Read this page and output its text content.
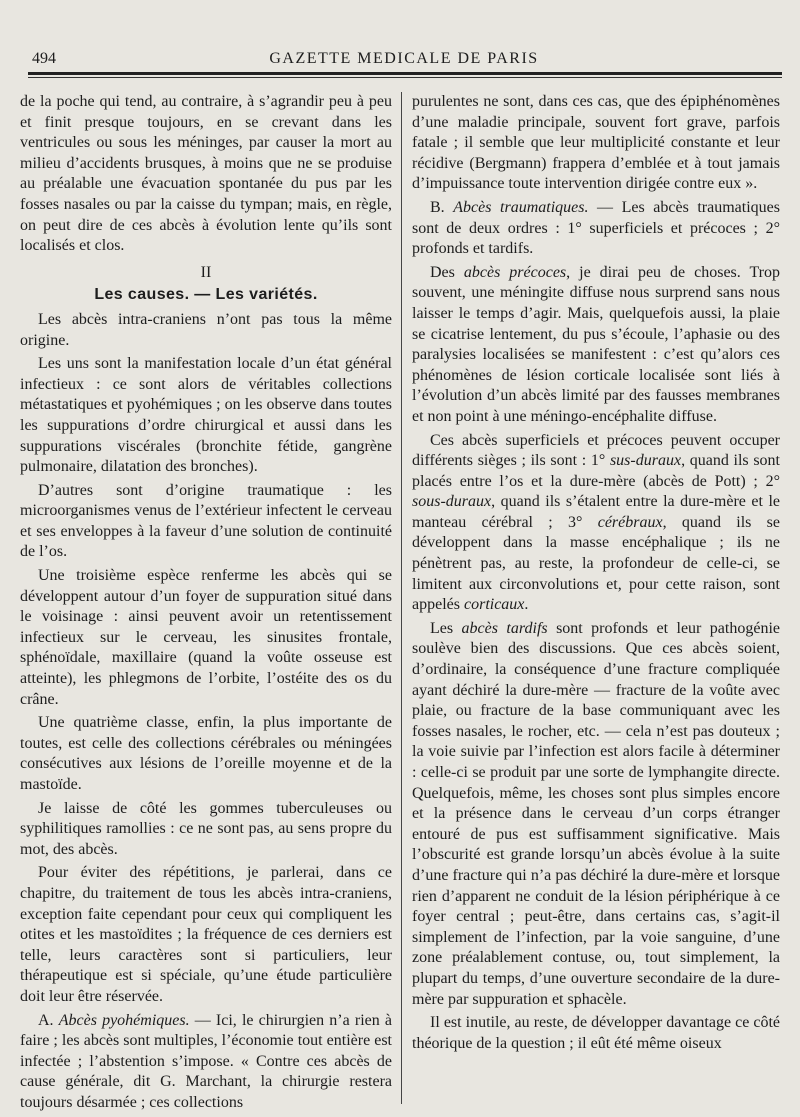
494	GAZETTE MEDICALE DE PARIS

de la poche qui tend, au contraire, à s’agrandir peu à peu et finit presque toujours, en se crevant dans les ventricules ou sous les méninges, par causer la mort au milieu d’accidents brusques, à moins que ne se produise au préalable une évacuation spontanée du pus par les fosses nasales ou par la caisse du tympan; mais, en règle, on peut dire de ces abcès à évolution lente qu’ils sont localisés et clos.

II
Les causes. — Les variétés.

Les abcès intra-craniens n’ont pas tous la même origine.

Les uns sont la manifestation locale d’un état général infectieux : ce sont alors de véritables collections métastatiques et pyohémiques ; on les observe dans toutes les suppurations d’ordre chirurgical et aussi dans les suppurations viscérales (bronchite fétide, gangrène pulmonaire, dilatation des bronches).

D’autres sont d’origine traumatique : les microorganismes venus de l’extérieur infectent le cerveau et ses enveloppes à la faveur d’une solution de continuité de l’os.

Une troisième espèce renferme les abcès qui se développent autour d’un foyer de suppuration situé dans le voisinage : ainsi peuvent avoir un retentissement infectieux sur le cerveau, les sinusites frontale, sphénoïdale, maxillaire (quand la voûte osseuse est atteinte), les phlegmons de l’orbite, l’ostéite des os du crâne.

Une quatrième classe, enfin, la plus importante de toutes, est celle des collections cérébrales ou méningées consécutives aux lésions de l’oreille moyenne et de la mastoïde.

Je laisse de côté les gommes tuberculeuses ou syphilitiques ramollies : ce ne sont pas, au sens propre du mot, des abcès.

Pour éviter des répétitions, je parlerai, dans ce chapitre, du traitement de tous les abcès intra-craniens, exception faite cependant pour ceux qui compliquent les otites et les mastoïdites ; la fréquence de ces derniers est telle, leurs caractères sont si particuliers, leur thérapeutique est si spéciale, qu’une étude particulière doit leur être réservée.

A. Abcès pyohémiques. — Ici, le chirurgien n’a rien à faire ; les abcès sont multiples, l’économie tout entière est infectée ; l’abstention s’impose. « Contre ces abcès de cause générale, dit G. Marchant, la chirurgie restera toujours désarmée ; ces collections

purulentes ne sont, dans ces cas, que des épiphénomènes d’une maladie principale, souvent fort grave, parfois fatale ; il semble que leur multiplicité constante et leur récidive (Bergmann) frappera d’emblée et à tout jamais d’impuissance toute intervention dirigée contre eux ».

B. Abcès traumatiques. — Les abcès traumatiques sont de deux ordres : 1° superficiels et précoces ; 2° profonds et tardifs.

Des abcès précoces, je dirai peu de choses. Trop souvent, une méningite diffuse nous surprend sans nous laisser le temps d’agir. Mais, quelquefois aussi, la plaie se cicatrise lentement, du pus s’écoule, l’aphasie ou des paralysies localisées se manifestent : c’est qu’alors ces phénomènes de lésion corticale localisée sont liés à l’évolution d’un abcès limité par des fausses membranes et non point à une méningo-encéphalite diffuse.

Ces abcès superficiels et précoces peuvent occuper différents sièges ; ils sont : 1° sus-duraux, quand ils sont placés entre l’os et la dure-mère (abcès de Pott) ; 2° sous-duraux, quand ils s’étalent entre la dure-mère et le manteau cérébral ; 3° cérébraux, quand ils se développent dans la masse encéphalique ; ils ne pénètrent pas, au reste, la profondeur de celle-ci, se limitent aux circonvolutions et, pour cette raison, sont appelés corticaux.

Les abcès tardifs sont profonds et leur pathogénie soulève bien des discussions. Que ces abcès soient, d’ordinaire, la conséquence d’une fracture compliquée ayant déchiré la dure-mère — fracture de la voûte avec plaie, ou fracture de la base communiquant avec les fosses nasales, le rocher, etc. — cela n’est pas douteux ; la voie suivie par l’infection est alors facile à déterminer : celle-ci se produit par une sorte de lymphangite directe. Quelquefois, même, les choses sont plus simples encore et la présence dans le cerveau d’un corps étranger entouré de pus est suffisamment significative. Mais l’obscurité est grande lorsqu’un abcès évolue à la suite d’une fracture qui n’a pas déchiré la dure-mère et lorsque rien d’apparent ne conduit de la lésion périphérique à ce foyer central ; peut-être, dans certains cas, s’agit-il simplement de l’infection, par la voie sanguine, d’une zone préalablement contuse, ou, tout simplement, la plupart du temps, d’une ouverture secondaire de la dure-mère par suppuration et sphacèle.

Il est inutile, au reste, de développer davantage ce côté théorique de la question ; il eût été même oiseux
